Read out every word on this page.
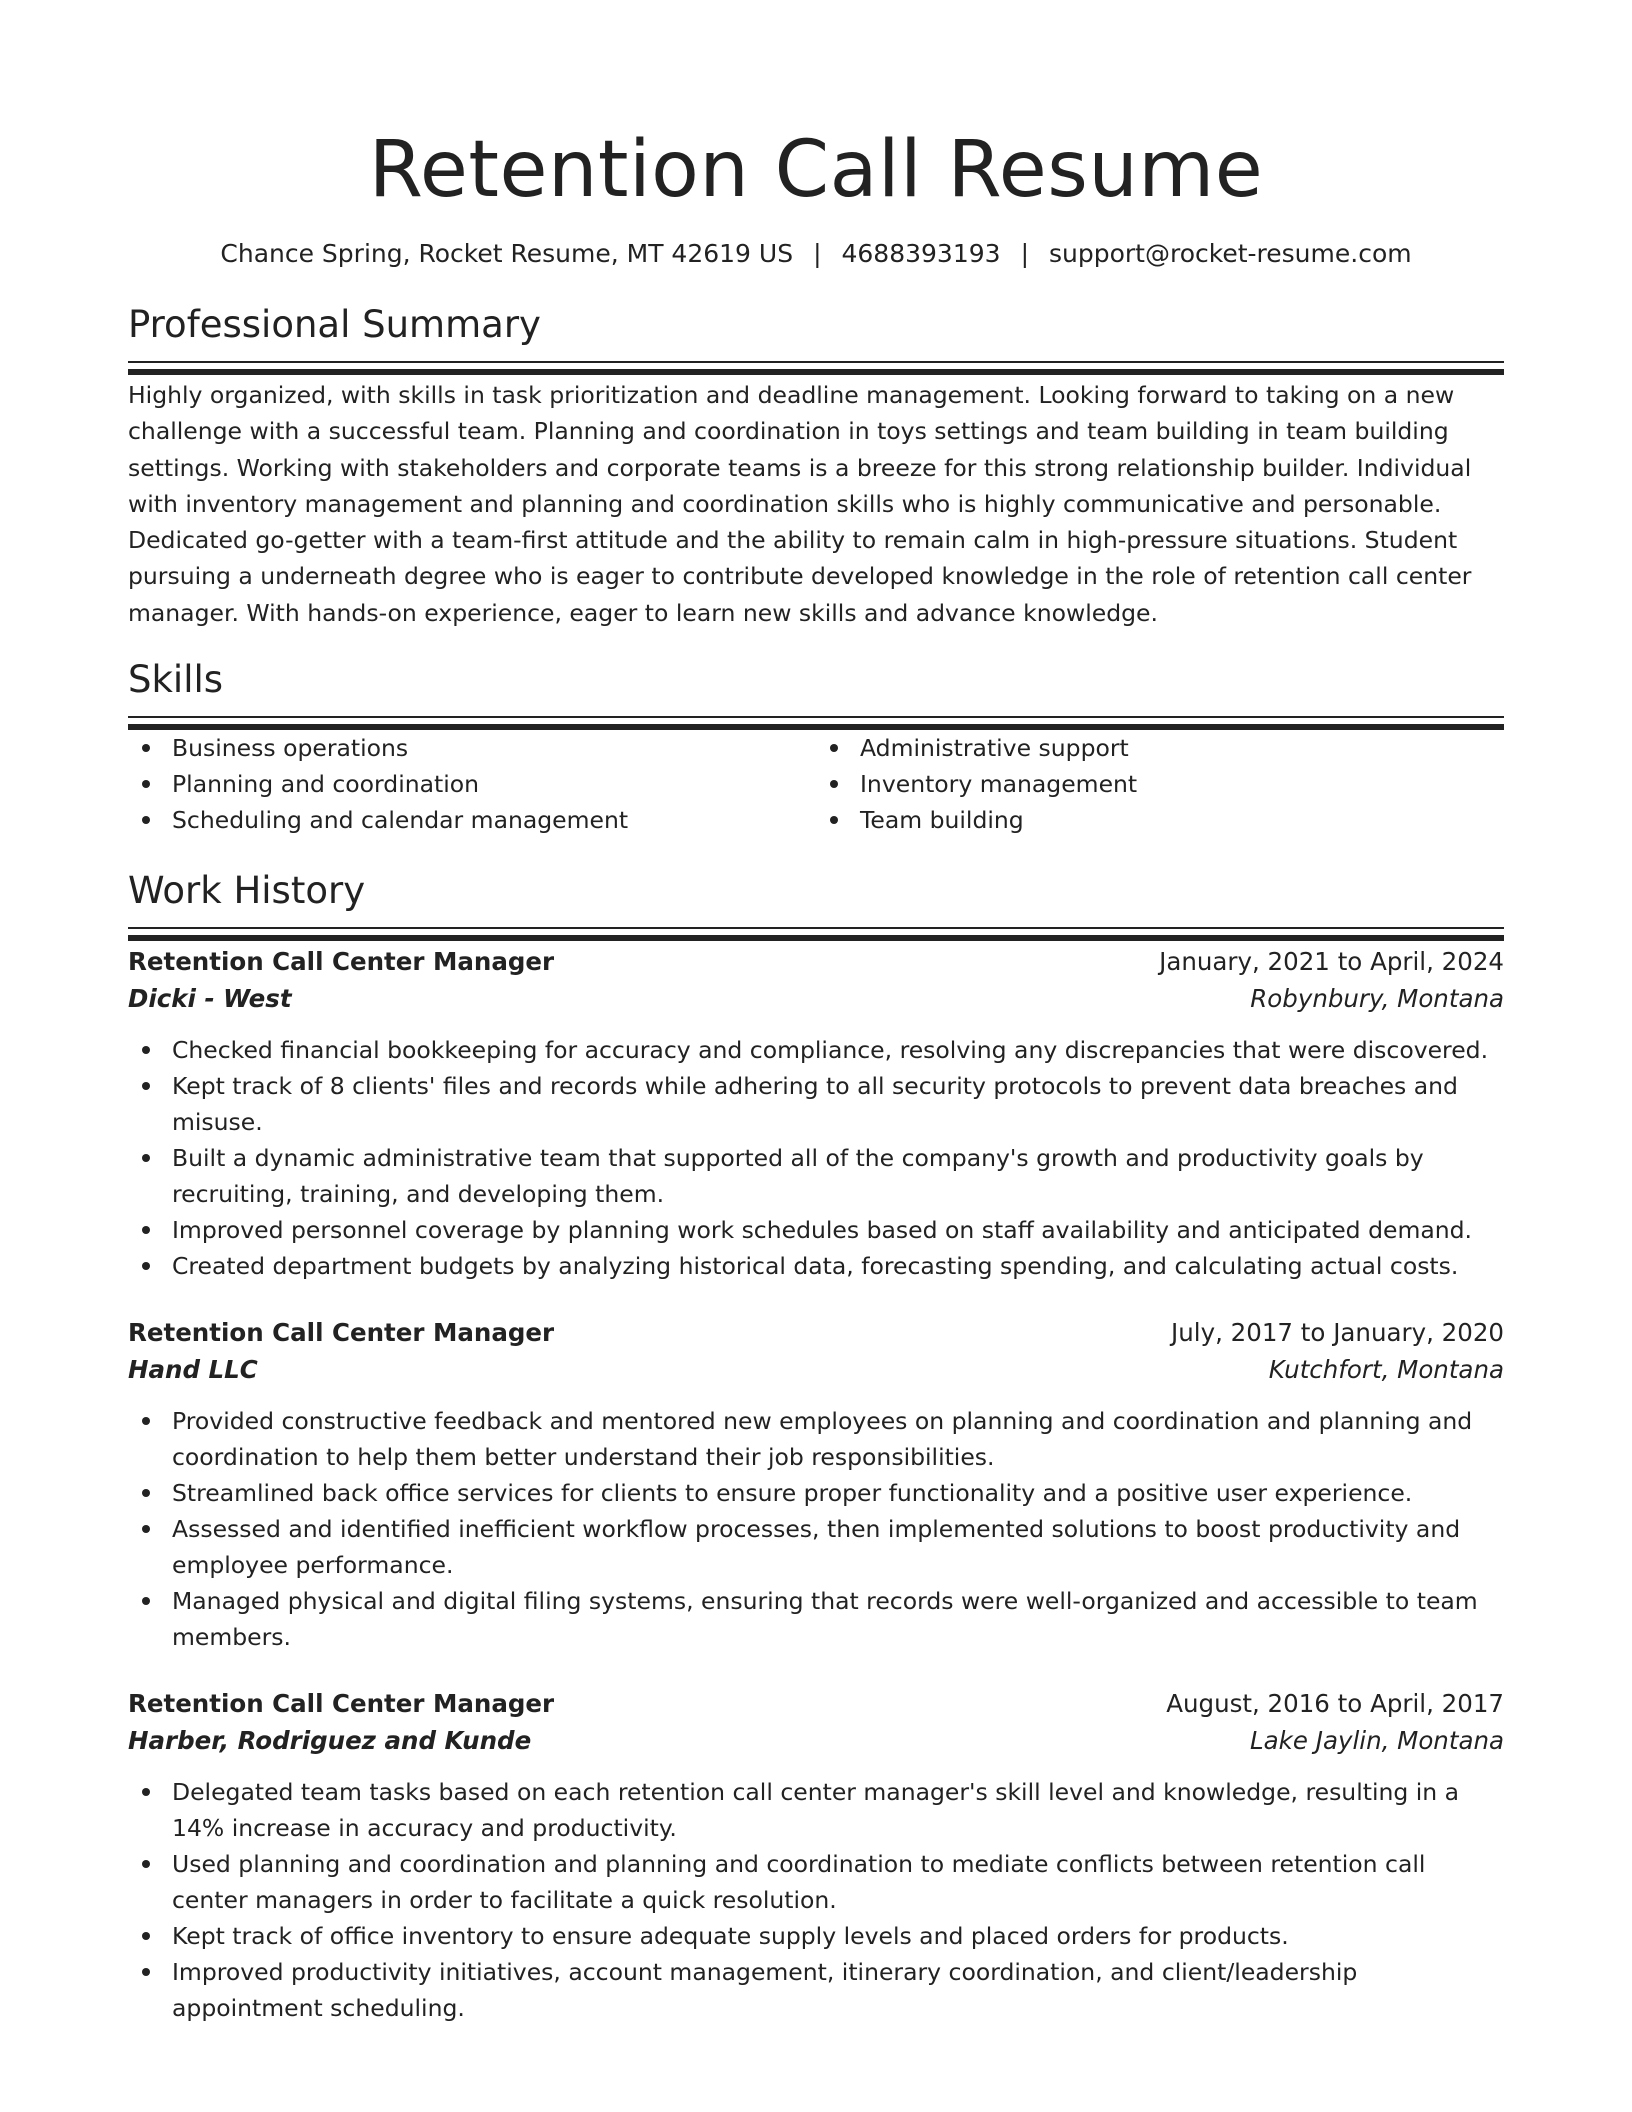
Retention Call Resume
Chance Spring, Rocket Resume, MT 42619 US | 4688393193 | support@rocket-resume.com
Professional Summary

Highly organized, with skills in task prioritization and deadline management. Looking forward to taking on a new challenge with a successful team. Planning and coordination in toys settings and team building in team building settings. Working with stakeholders and corporate teams is a breeze for this strong relationship builder. Individual with inventory management and planning and coordination skills who is highly communicative and personable. Dedicated go-getter with a team-first attitude and the ability to remain calm in high-pressure situations. Student pursuing a underneath degree who is eager to contribute developed knowledge in the role of retention call center manager. With hands-on experience, eager to learn new skills and advance knowledge.

Skills
Business operations
Planning and coordination
Scheduling and calendar management
Administrative support
Inventory management
Team building
Work History
Retention Call Center Manager	January, 2021 to April, 2024
Dicki - West	Robynbury, Montana
Checked financial bookkeeping for accuracy and compliance, resolving any discrepancies that were discovered.
Kept track of 8 clients' files and records while adhering to all security protocols to prevent data breaches and misuse.
Built a dynamic administrative team that supported all of the company's growth and productivity goals by recruiting, training, and developing them.
Improved personnel coverage by planning work schedules based on staff availability and anticipated demand.
Created department budgets by analyzing historical data, forecasting spending, and calculating actual costs.
Retention Call Center Manager	July, 2017 to January, 2020
Hand LLC	Kutchfort, Montana
Provided constructive feedback and mentored new employees on planning and coordination and planning and coordination to help them better understand their job responsibilities.
Streamlined back office services for clients to ensure proper functionality and a positive user experience.
Assessed and identified inefficient workflow processes, then implemented solutions to boost productivity and employee performance.
Managed physical and digital filing systems, ensuring that records were well-organized and accessible to team members.
Retention Call Center Manager	August, 2016 to April, 2017
Harber, Rodriguez and Kunde	Lake Jaylin, Montana
Delegated team tasks based on each retention call center manager's skill level and knowledge, resulting in a 14% increase in accuracy and productivity.
Used planning and coordination and planning and coordination to mediate conflicts between retention call center managers in order to facilitate a quick resolution.
Kept track of office inventory to ensure adequate supply levels and placed orders for products.
Improved productivity initiatives, account management, itinerary coordination, and client/leadership appointment scheduling.
